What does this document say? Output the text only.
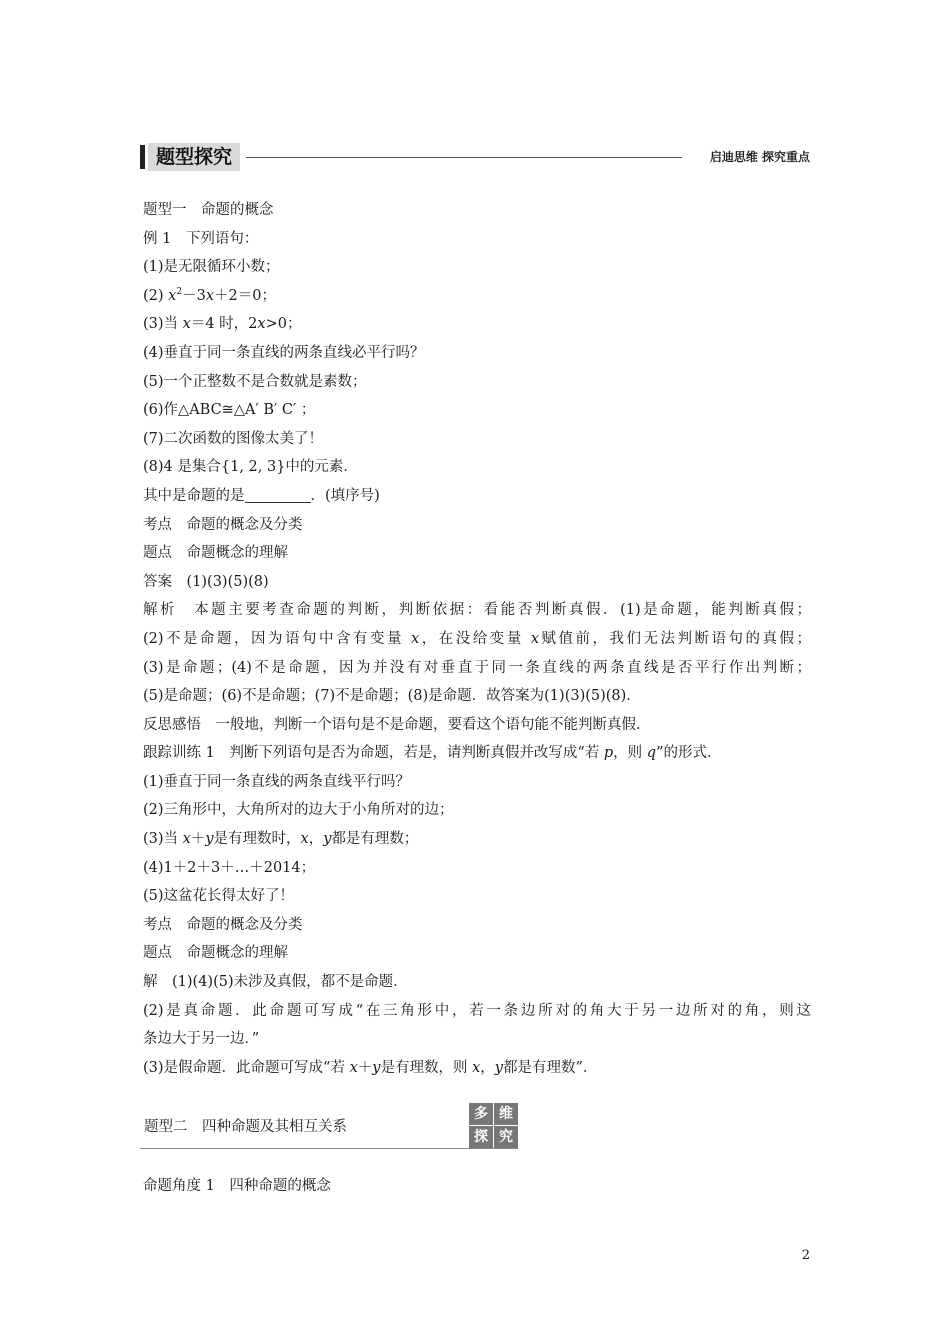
题型探究	启迪思维 探究重点
题型一　命题的概念
例 1　下列语句：
(1)是无限循环小数；
(2) $x^2-3x+2=0$；
(3)当 x＝4 时，2x>0；
(4)垂直于同一条直线的两条直线必平行吗？
(5)一个正整数不是合数就是素数；
(6)作△ABC≅△A′ B′ C′ ；
(7)二次函数的图像太美了！
(8)4 是集合{1, 2, 3}中的元素．
其中是命题的是	．(填序号)
考点　命题的概念及分类
题点　命题概念的理解
答案　(1)(3)(5)(8)
解析　本题主要考查命题的判断，判断依据：看能否判断真假．(1)是命题，能判断真假；
(2)不是命题，因为语句中含有变量 x，在没给变量 x赋值前，我们无法判断语句的真假；
(3)是命题；(4)不是命题，因为并没有对垂直于同一条直线的两条直线是否平行作出判断；
(5)是命题；(6)不是命题；(7)不是命题；(8)是命题．故答案为(1)(3)(5)(8)．
反思感悟　一般地，判断一个语句是不是命题，要看这个语句能不能判断真假．
跟踪训练 1　判断下列语句是否为命题，若是，请判断真假并改写成“若 p，则 q”的形式．
(1)垂直于同一条直线的两条直线平行吗？
(2)三角形中，大角所对的边大于小角所对的边；
(3)当 x＋y是有理数时，x，y都是有理数；
(4)1＋2＋3＋…＋2014；
(5)这盆花长得太好了！
考点　命题的概念及分类
题点　命题概念的理解
解　(1)(4)(5)未涉及真假，都不是命题．
(2)是真命题．此命题可写成“在三角形中，若一条边所对的角大于另一边所对的角，则这
条边大于另一边．”
(3)是假命题．此命题可写成“若 x＋y是有理数，则 x，y都是有理数”．
题型二　四种命题及其相互关系
多 维
探 究
命题角度 1　四种命题的概念
2
